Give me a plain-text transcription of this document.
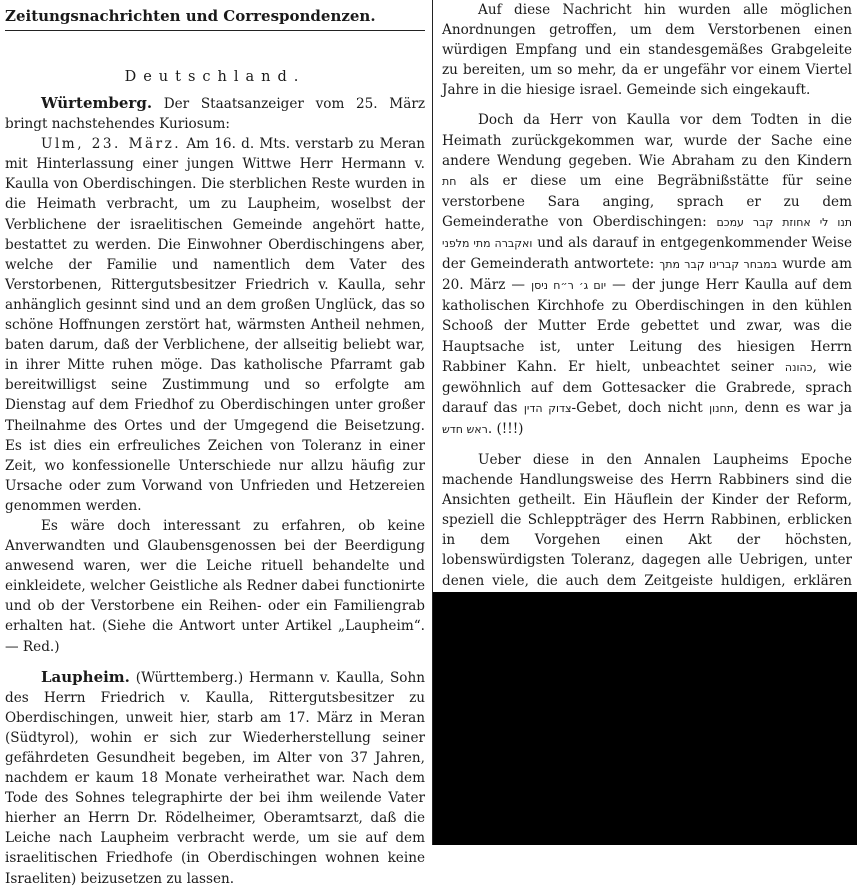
Zeitungsnachrichten und Correspondenzen.
Deutschland.

Würtemberg. Der Staatsanzeiger vom 25. März bringt nachstehendes Kuriosum:

Ulm, 23. März. Am 16. d. Mts. verstarb zu Meran mit Hinterlassung einer jungen Wittwe Herr Hermann v. Kaulla von Oberdischingen. Die sterblichen Reste wurden in die Heimath verbracht, um zu Laupheim, woselbst der Verblichene der israelitischen Gemeinde angehört hatte, bestattet zu werden. Die Einwohner Oberdischingens aber, welche der Familie und namentlich dem Vater des Verstorbenen, Rittergutsbesitzer Friedrich v. Kaulla, sehr anhänglich gesinnt sind und an dem großen Unglück, das so schöne Hoffnungen zerstört hat, wärmsten Antheil nehmen, baten darum, daß der Verblichene, der allseitig beliebt war, in ihrer Mitte ruhen möge. Das katholische Pfarramt gab bereitwilligst seine Zustimmung und so erfolgte am Dienstag auf dem Friedhof zu Oberdischingen unter großer Theilnahme des Ortes und der Umgegend die Beisetzung. Es ist dies ein erfreuliches Zeichen von Toleranz in einer Zeit, wo konfessionelle Unterschiede nur allzu häufig zur Ursache oder zum Vorwand von Unfrieden und Hetzereien genommen werden.

Es wäre doch interessant zu erfahren, ob keine Anverwandten und Glaubensgenossen bei der Beerdigung anwesend waren, wer die Leiche rituell behandelte und einkleidete, welcher Geistliche als Redner dabei functionirte und ob der Verstorbene ein Reihen- oder ein Familiengrab erhalten hat. (Siehe die Antwort unter Artikel „Laupheim“. — Red.)

Laupheim. (Württemberg.) Hermann v. Kaulla, Sohn des Herrn Friedrich v. Kaulla, Rittergutsbesitzer zu Oberdischingen, unweit hier, starb am 17. März in Meran (Südtyrol), wohin er sich zur Wiederherstellung seiner gefährdeten Gesundheit begeben, im Alter von 37 Jahren, nachdem er kaum 18 Monate verheirathet war. Nach dem Tode des Sohnes telegraphirte der bei ihm weilende Vater hierher an Herrn Dr. Rödelheimer, Oberamtsarzt, daß die Leiche nach Laupheim verbracht werde, um sie auf dem israelitischen Friedhofe (in Oberdischingen wohnen keine Israeliten) beizusetzen zu lassen.

Auf diese Nachricht hin wurden alle möglichen Anordnungen getroffen, um dem Verstorbenen einen würdigen Empfang und ein standesgemäßes Grabgeleite zu bereiten, um so mehr, da er ungefähr vor einem Viertel Jahre in die hiesige israel. Gemeinde sich eingekauft.

Doch da Herr von Kaulla vor dem Todten in die Heimath zurückgekommen war, wurde der Sache eine andere Wendung gegeben. Wie Abraham zu den Kindern חת als er diese um eine Begräbnißstätte für seine verstorbene Sara anging, sprach er zu dem Gemeinderathe von Oberdischingen: תנו לי אחוזת קבר עמכם ואקברה מתי מלפני und als darauf in entgegenkommender Weise der Gemeinderath antwortete: במבחר קברינו קבר מתך wurde am 20. März — יום ג׳ ר״ח ניסן — der junge Herr Kaulla auf dem katholischen Kirchhofe zu Oberdischingen in den kühlen Schooß der Mutter Erde gebettet und zwar, was die Hauptsache ist, unter Leitung des hiesigen Herrn Rabbiner Kahn. Er hielt, unbeachtet seiner כהונה, wie gewöhnlich auf dem Gottesacker die Grabrede, sprach darauf das צדוק הדין-Gebet, doch nicht תחנון, denn es war ja ראש חדש. (!!!)

Ueber diese in den Annalen Laupheims Epoche machende Handlungsweise des Herrn Rabbiners sind die Ansichten getheilt. Ein Häuflein der Kinder der Reform, speziell die Schleppträger des Herrn Rabbinen, erblicken in dem Vorgehen einen Akt der höchsten, lobenswürdigsten Toleranz, dagegen alle Uebrigen, unter denen viele, die auch dem Zeitgeiste huldigen, erklären
